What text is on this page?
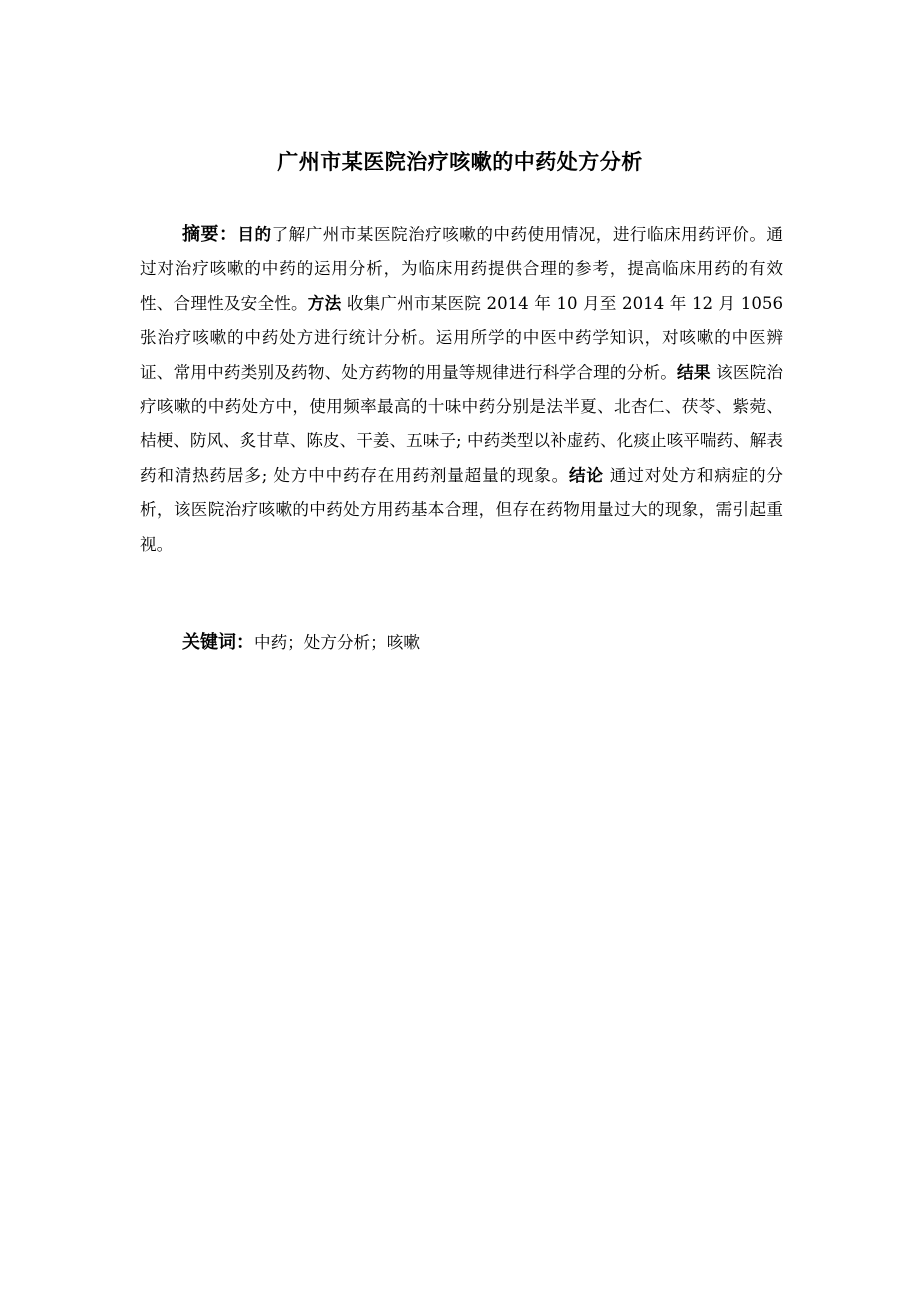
广州市某医院治疗咳嗽的中药处方分析

摘要：目的了解广州市某医院治疗咳嗽的中药使用情况，进行临床用药评价。通过对治疗咳嗽的中药的运用分析，为临床用药提供合理的参考，提高临床用药的有效性、合理性及安全性。方法 收集广州市某医院 2014 年 10 月至 2014 年 12 月 1056 张治疗咳嗽的中药处方进行统计分析。运用所学的中医中药学知识，对咳嗽的中医辨证、常用中药类别及药物、处方药物的用量等规律进行科学合理的分析。结果 该医院治疗咳嗽的中药处方中，使用频率最高的十味中药分别是法半夏、北杏仁、茯苓、紫菀、桔梗、防风、炙甘草、陈皮、干姜、五味子; 中药类型以补虚药、化痰止咳平喘药、解表药和清热药居多; 处方中中药存在用药剂量超量的现象。结论 通过对处方和病症的分析，该医院治疗咳嗽的中药处方用药基本合理，但存在药物用量过大的现象，需引起重视。

关键词：中药；处方分析；咳嗽
